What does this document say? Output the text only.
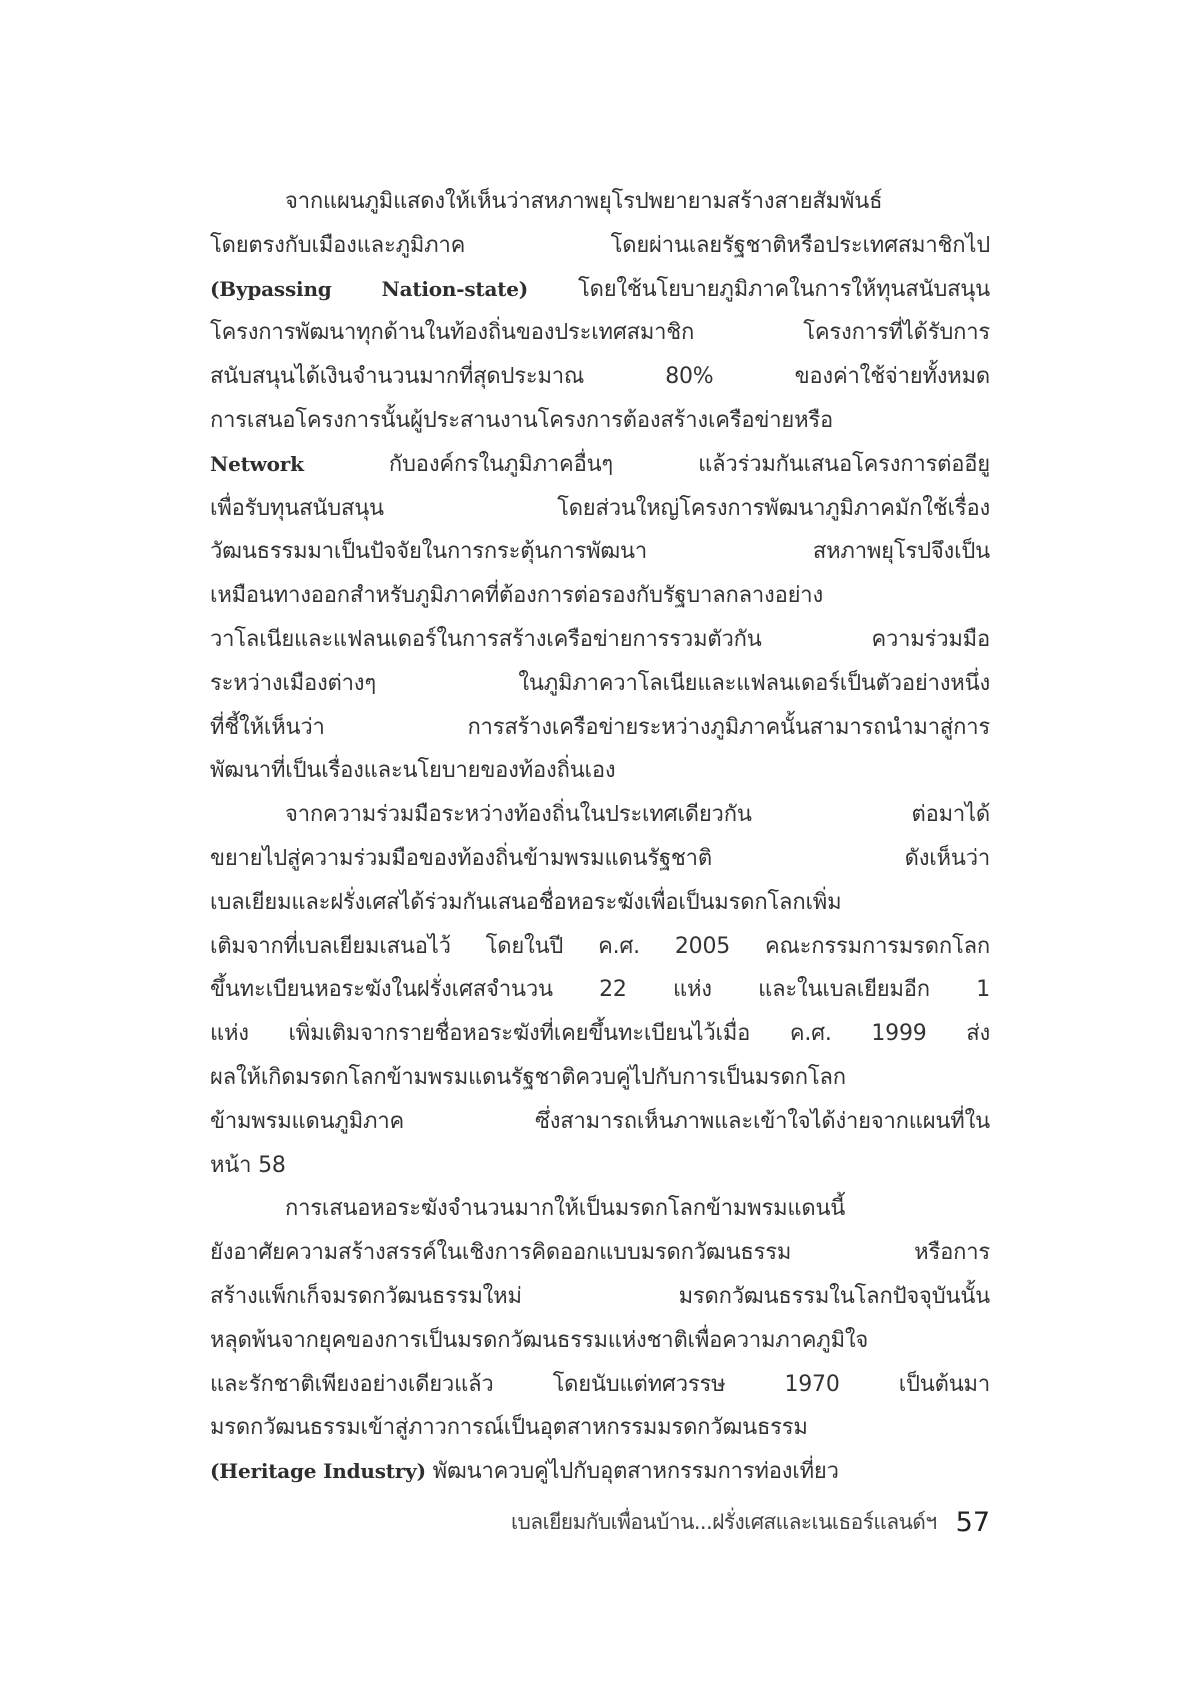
จากแผนภูมิแสดงให้เห็นว่าสหภาพยุโรปพยายามสร้างสายสัมพันธ์
โดยตรงกับเมืองและภูมิภาค โดยผ่านเลยรัฐชาติหรือประเทศสมาชิกไป
(Bypassing Nation-state) โดยใช้นโยบายภูมิภาคในการให้ทุนสนับสนุน
โครงการพัฒนาทุกด้านในท้องถิ่นของประเทศสมาชิก โครงการที่ได้รับการ
สนับสนุนได้เงินจำนวนมากที่สุดประมาณ 80% ของค่าใช้จ่ายทั้งหมด
การเสนอโครงการนั้นผู้ประสานงานโครงการต้องสร้างเครือข่ายหรือ
Network กับองค์กรในภูมิภาคอื่นๆ แล้วร่วมกันเสนอโครงการต่ออียู
เพื่อรับทุนสนับสนุน โดยส่วนใหญ่โครงการพัฒนาภูมิภาคมักใช้เรื่อง
วัฒนธรรมมาเป็นปัจจัยในการกระตุ้นการพัฒนา สหภาพยุโรปจึงเป็น
เหมือนทางออกสำหรับภูมิภาคที่ต้องการต่อรองกับรัฐบาลกลางอย่าง
วาโลเนียและแฟลนเดอร์ในการสร้างเครือข่ายการรวมตัวกัน ความร่วมมือ
ระหว่างเมืองต่างๆ ในภูมิภาควาโลเนียและแฟลนเดอร์เป็นตัวอย่างหนึ่ง
ที่ชี้ให้เห็นว่า การสร้างเครือข่ายระหว่างภูมิภาคนั้นสามารถนำมาสู่การ
พัฒนาที่เป็นเรื่องและนโยบายของท้องถิ่นเอง
จากความร่วมมือระหว่างท้องถิ่นในประเทศเดียวกัน ต่อมาได้
ขยายไปสู่ความร่วมมือของท้องถิ่นข้ามพรมแดนรัฐชาติ ดังเห็นว่า
เบลเยียมและฝรั่งเศสได้ร่วมกันเสนอชื่อหอระฆังเพื่อเป็นมรดกโลกเพิ่ม
เติมจากที่เบลเยียมเสนอไว้ โดยในปี ค.ศ. 2005 คณะกรรมการมรดกโลก
ขึ้นทะเบียนหอระฆังในฝรั่งเศสจำนวน 22 แห่ง และในเบลเยียมอีก 1
แห่ง เพิ่มเติมจากรายชื่อหอระฆังที่เคยขึ้นทะเบียนไว้เมื่อ ค.ศ. 1999 ส่ง
ผลให้เกิดมรดกโลกข้ามพรมแดนรัฐชาติควบคู่ไปกับการเป็นมรดกโลก
ข้ามพรมแดนภูมิภาค ซึ่งสามารถเห็นภาพและเข้าใจได้ง่ายจากแผนที่ใน
หน้า 58
การเสนอหอระฆังจำนวนมากให้เป็นมรดกโลกข้ามพรมแดนนี้
ยังอาศัยความสร้างสรรค์ในเชิงการคิดออกแบบมรดกวัฒนธรรม หรือการ
สร้างแพ็กเก็จมรดกวัฒนธรรมใหม่ มรดกวัฒนธรรมในโลกปัจจุบันนั้น
หลุดพ้นจากยุคของการเป็นมรดกวัฒนธรรมแห่งชาติเพื่อความภาคภูมิใจ
และรักชาติเพียงอย่างเดียวแล้ว โดยนับแต่ทศวรรษ 1970 เป็นต้นมา
มรดกวัฒนธรรมเข้าสู่ภาวการณ์เป็นอุตสาหกรรมมรดกวัฒนธรรม
(Heritage Industry) พัฒนาควบคู่ไปกับอุตสาหกรรมการท่องเที่ยว
เบลเยียมกับเพื่อนบ้าน...ฝรั่งเศสและเนเธอร์แลนด์ฯ 57
